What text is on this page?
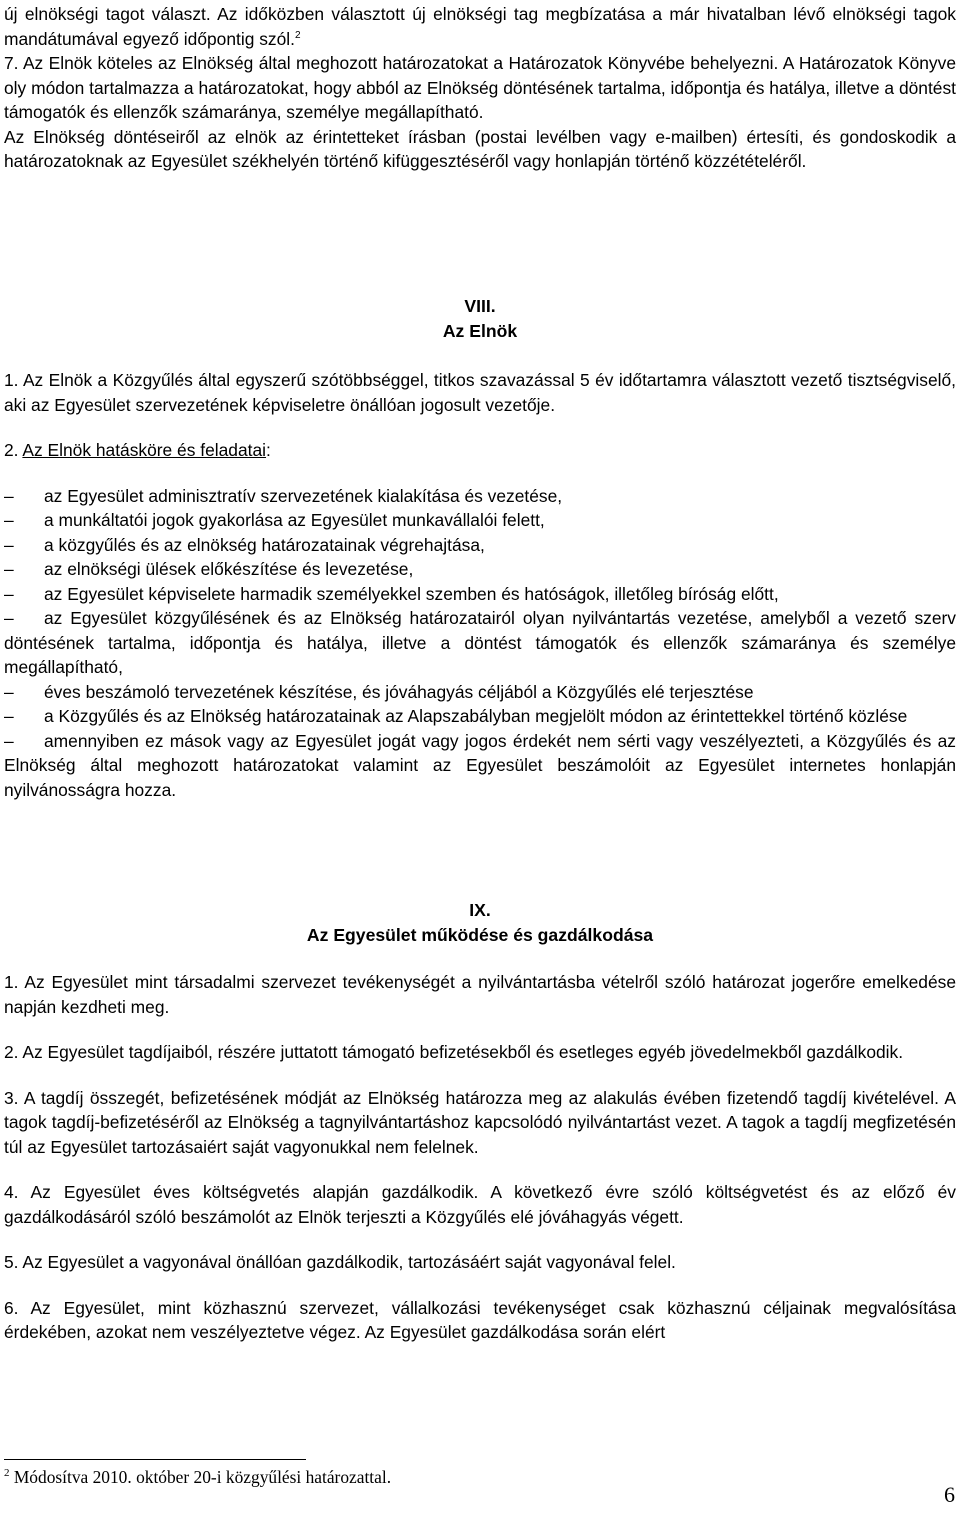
új elnökségi tagot választ. Az időközben választott új elnökségi tag megbízatása a már hivatalban lévő elnökségi tagok mandátumával egyező időpontig szól.$^2$

7. Az Elnök köteles az Elnökség által meghozott határozatokat a Határozatok Könyvébe behelyezni. A Határozatok Könyve oly módon tartalmazza a határozatokat, hogy abból az Elnökség döntésének tartalma, időpontja és hatálya, illetve a döntést támogatók és ellenzők számaránya, személye megállapítható.

Az Elnökség döntéseiről az elnök az érintetteket írásban (postai levélben vagy e-mailben) értesíti, és gondoskodik a határozatoknak az Egyesület székhelyén történő kifüggesztéséről vagy honlapján történő közzétételéről.

VIII.
Az Elnök

1. Az Elnök a Közgyűlés által egyszerű szótöbbséggel, titkos szavazással 5 év időtartamra választott vezető tisztségviselő, aki az Egyesület szervezetének képviseletre önállóan jogosult vezetője.

2. Az Elnök hatásköre és feladatai:

– az Egyesület adminisztratív szervezetének kialakítása és vezetése,
– a munkáltatói jogok gyakorlása az Egyesület munkavállalói felett,
– a közgyűlés és az elnökség határozatainak végrehajtása,
– az elnökségi ülések előkészítése és levezetése,
– az Egyesület képviselete harmadik személyekkel szemben és hatóságok, illetőleg bíróság előtt,
– az Egyesület közgyűlésének és az Elnökség határozatairól olyan nyilvántartás vezetése, amelyből a vezető szerv döntésének tartalma, időpontja és hatálya, illetve a döntést támogatók és ellenzők számaránya és személye megállapítható,
– éves beszámoló tervezetének készítése, és jóváhagyás céljából a Közgyűlés elé terjesztése
– a Közgyűlés és az Elnökség határozatainak az Alapszabályban megjelölt módon az érintettekkel történő közlése
– amennyiben ez mások vagy az Egyesület jogát vagy jogos érdekét nem sérti vagy veszélyezteti, a Közgyűlés és az Elnökség által meghozott határozatokat valamint az Egyesület beszámolóit az Egyesület internetes honlapján nyilvánosságra hozza.
IX.
Az Egyesület működése és gazdálkodása

1. Az Egyesület mint társadalmi szervezet tevékenységét a nyilvántartásba vételről szóló határozat jogerőre emelkedése napján kezdheti meg.

2. Az Egyesület tagdíjaiból, részére juttatott támogató befizetésekből és esetleges egyéb jövedelmekből gazdálkodik.

3. A tagdíj összegét, befizetésének módját az Elnökség határozza meg az alakulás évében fizetendő tagdíj kivételével. A tagok tagdíj-befizetéséről az Elnökség a tagnyilvántartáshoz kapcsolódó nyilvántartást vezet. A tagok a tagdíj megfizetésén túl az Egyesület tartozásaiért saját vagyonukkal nem felelnek.

4. Az Egyesület éves költségvetés alapján gazdálkodik. A következő évre szóló költségvetést és az előző év gazdálkodásáról szóló beszámolót az Elnök terjeszti a Közgyűlés elé jóváhagyás végett.

5. Az Egyesület a vagyonával önállóan gazdálkodik, tartozásáért saját vagyonával felel.

6. Az Egyesület, mint közhasznú szervezet, vállalkozási tevékenységet csak közhasznú céljainak megvalósítása érdekében, azokat nem veszélyeztetve végez. Az Egyesület gazdálkodása során elért

$^2$ Módosítva 2010. október 20-i közgyűlési határozattal.
6
